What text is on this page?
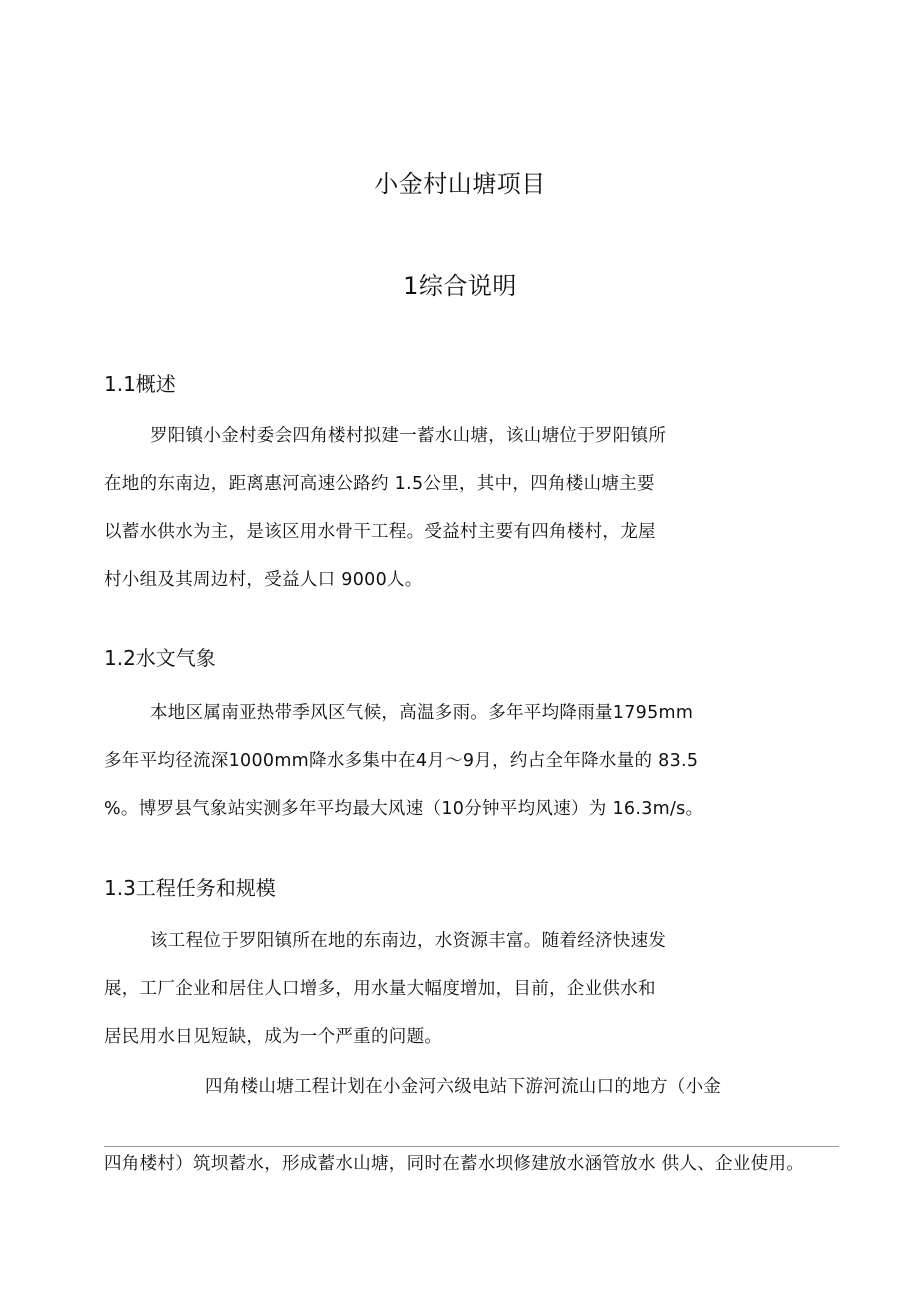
小金村山塘项目
1综合说明
1.1概述
罗阳镇小金村委会四角楼村拟建一蓄水山塘，该山塘位于罗阳镇所
在地的东南边，距离惠河高速公路约 1.5公里，其中，四角楼山塘主要
以蓄水供水为主，是该区用水骨干工程。受益村主要有四角楼村，龙屋
村小组及其周边村，受益人口 9000人。
1.2水文气象
本地区属南亚热带季风区气候，高温多雨。多年平均降雨量1795mm
多年平均径流深1000mm降水多集中在4月～9月，约占全年降水量的 83.5
%。博罗县气象站实测多年平均最大风速（10分钟平均风速）为 16.3m/s。
1.3工程任务和规模
该工程位于罗阳镇所在地的东南边，水资源丰富。随着经济快速发
展，工厂企业和居住人口增多，用水量大幅度增加，目前，企业供水和
居民用水日见短缺，成为一个严重的问题。
四角楼山塘工程计划在小金河六级电站下游河流山口的地方（小金
四角楼村）筑坝蓄水，形成蓄水山塘，同时在蓄水坝修建放水涵管放水 供人、企业使用。
